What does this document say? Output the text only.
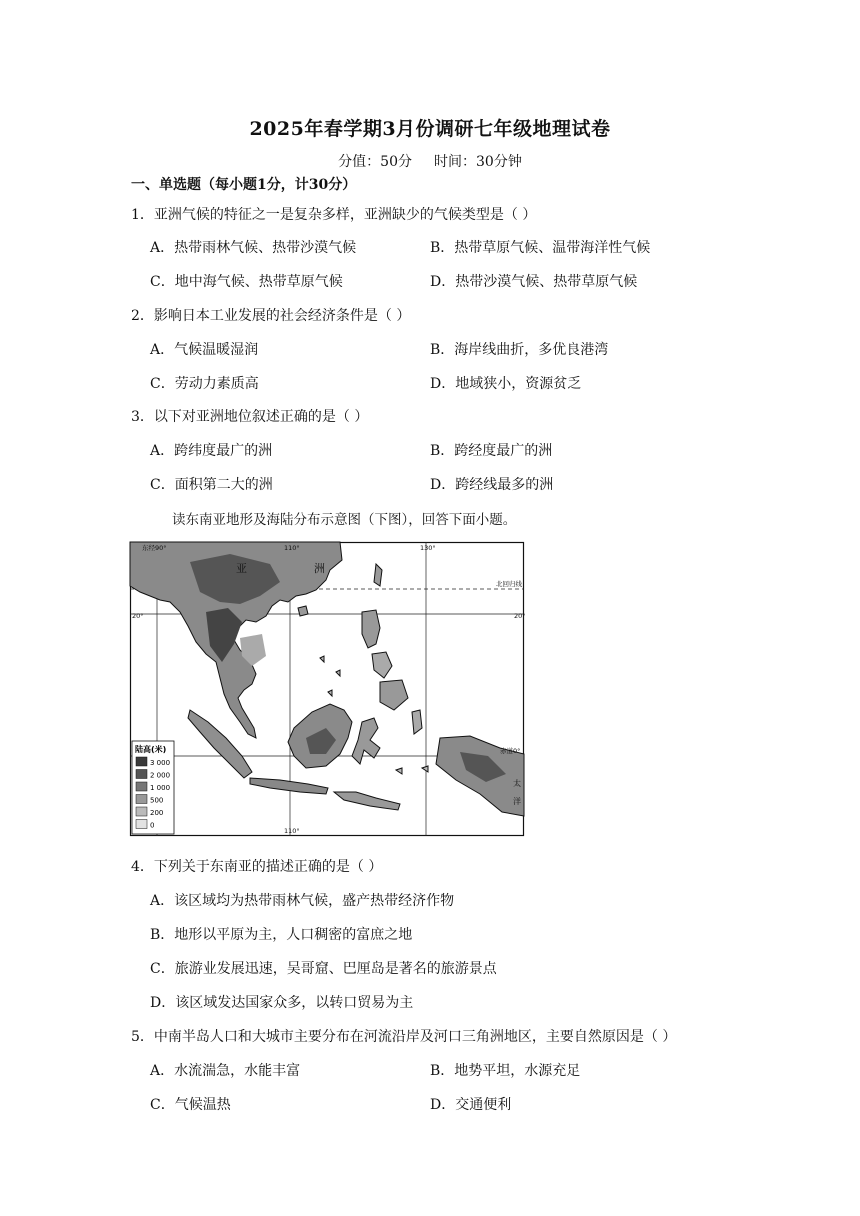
2025年春学期3月份调研七年级地理试卷
分值：50分 时间：30分钟
一、单选题（每小题1分，计30分）
1．亚洲气候的特征之一是复杂多样，亚洲缺少的气候类型是（ ）
A．热带雨林气候、热带沙漠气候	B．热带草原气候、温带海洋性气候
C．地中海气候、热带草原气候	D．热带沙漠气候、热带草原气候
2．影响日本工业发展的社会经济条件是（ ）
A．气候温暖湿润	B．海岸线曲折，多优良港湾
C．劳动力素质高	D．地域狭小，资源贫乏
3．以下对亚洲地位叙述正确的是（ ）
A．跨纬度最广的洲	B．跨经度最广的洲
C．面积第二大的洲	D．跨经线最多的洲
读东南亚地形及海陆分布示意图（下图），回答下面小题。
东经90°	110°	130°
110°
20°	20°
北回归线
赤道0°
亚	洲
太
洋
陆高(米)
3 000
2 000
1 000
500
200
0
4．下列关于东南亚的描述正确的是（ ）
A．该区域均为热带雨林气候，盛产热带经济作物
B．地形以平原为主，人口稠密的富庶之地
C．旅游业发展迅速，吴哥窟、巴厘岛是著名的旅游景点
D．该区域发达国家众多，以转口贸易为主
5．中南半岛人口和大城市主要分布在河流沿岸及河口三角洲地区，主要自然原因是（ ）
A．水流湍急，水能丰富	B．地势平坦，水源充足
C．气候温热	D．交通便利
